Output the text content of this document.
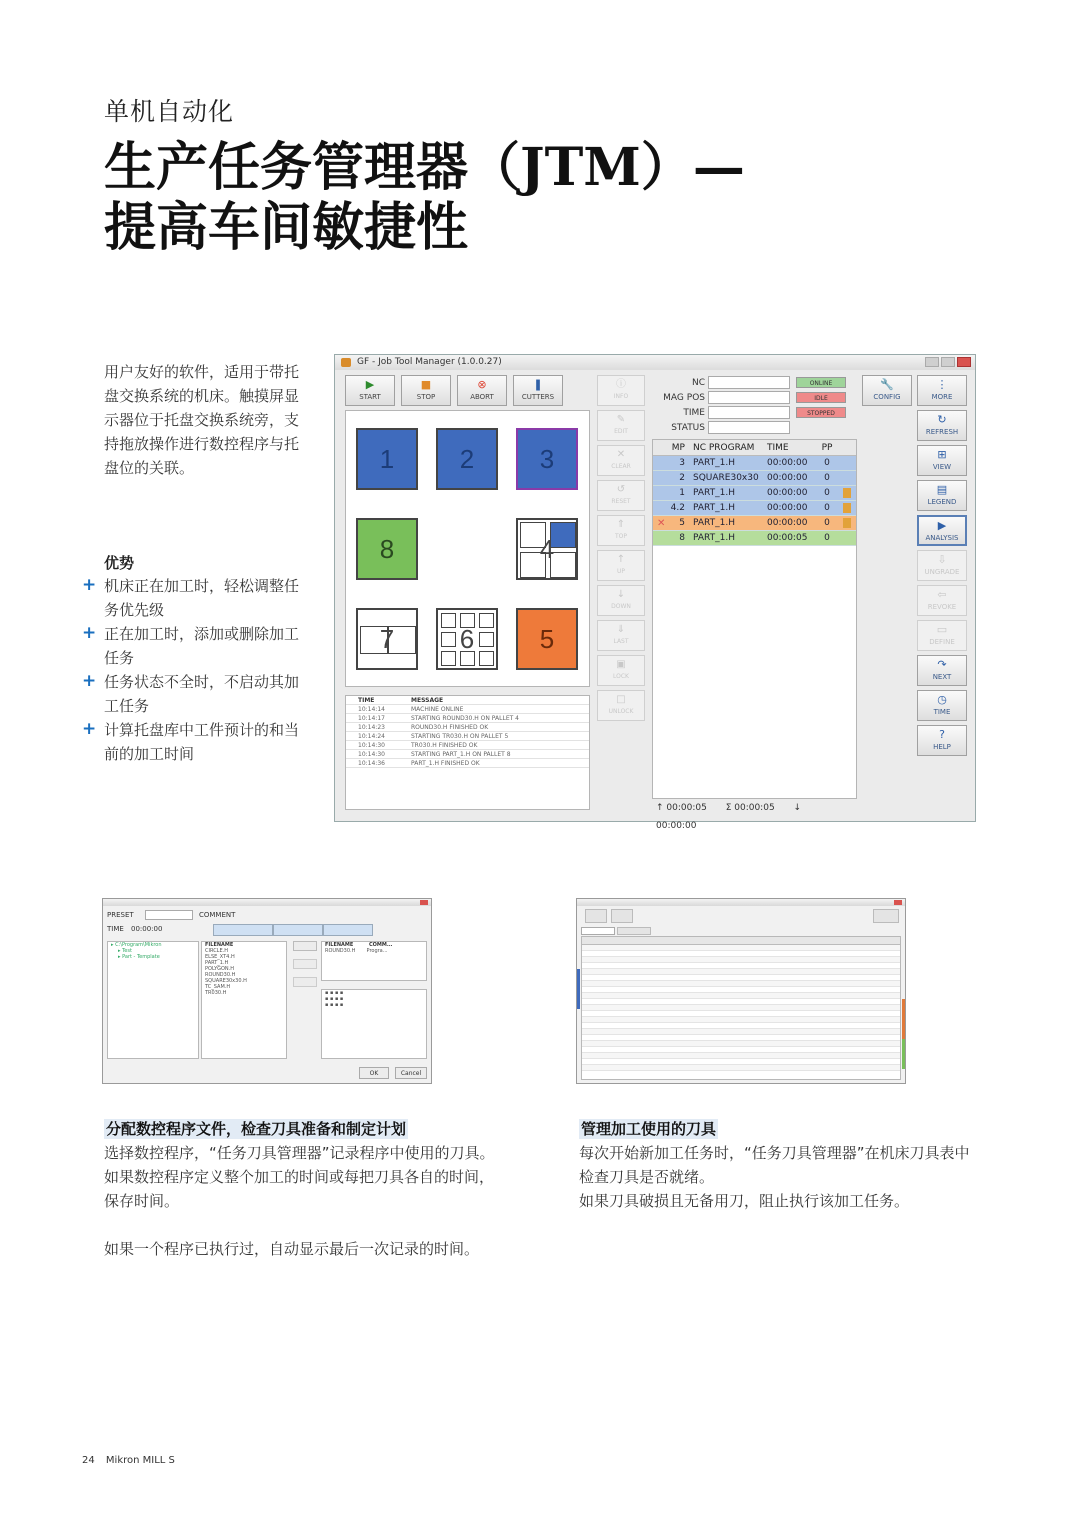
单机自动化
生产任务管理器（JTM）—
提高车间敏捷性
用户友好的软件，适用于带托盘交换系统的机床。触摸屏显示器位于托盘交换系统旁，支持拖放操作进行数控程序与托盘位的关联。
优势
+ 机床正在加工时，轻松调整任务优先级
+ 正在加工时，添加或删除加工任务
+ 任务状态不全时，不启动其加工任务
+ 计算托盘库中工件预计的和当前的加工时间
GF - Job Tool Manager (1.0.0.27)
▶
START
■
STOP
⊗
ABORT
❚
CUTTERS
1	2	3
8	4
7	6	5
TIME	MESSAGE
10:14:14	MACHINE ONLINE
10:14:17	STARTING ROUND30.H ON PALLET 4
10:14:23	ROUND30.H FINISHED OK
10:14:24	STARTING TR030.H ON PALLET 5
10:14:30	TR030.H FINISHED OK
10:14:30	STARTING PART_1.H ON PALLET 8
10:14:36	PART_1.H FINISHED OK
ⓘ
INFO
✎
EDIT
✕
CLEAR
↺
RESET
⇑
TOP
↑
UP
↓
DOWN
⇓
LAST
▣
LOCK
□
UNLOCK
NC	ONLINE
MAG POS	IDLE
TIME	STOPPED
STATUS
MP NC PROGRAM	TIME	PP
3 PART_1.H	00:00:00	0
2 SQUARE30x30 00:00:00	0
1 PART_1.H	00:00:00	0
4.2 PART_1.H	00:00:00	0
✕	5 PART_1.H	00:00:00	0
8 PART_1.H	00:00:05	0
↑ 00:00:05 Σ 00:00:05 ↓ 00:00:00
🔧
CONFIG
⋮
MORE
↻
REFRESH
⊞
VIEW
▤
LEGEND
▶
ANALYSIS
⇩
UNGRADE
⇦
REVOKE
▭
DEFINE
↷
NEXT
◷
TIME
?
HELP
PRESET	COMMENT
TIME 00:00:00
▸ C:\Program\Mikron
▸ Test
▸ Part - Template
FILENAME
CIRCLE.H
ELSE_XT4.H
PART_1.H
POLYGON.H
ROUND30.H
SQUARE30x30.H
TC_SAM.H
TR030.H
FILENAME	COMM...
ROUND30.H Progra...
▪ ▪ ▪ ▪
▪ ▪ ▪ ▪
▪ ▪ ▪ ▪
OK	Cancel
分配数控程序文件，检查刀具准备和制定计划
选择数控程序，“任务刀具管理器”记录程序中使用的刀具。
如果数控程序定义整个加工的时间或每把刀具各自的时间，保存时间。
如果一个程序已执行过，自动显示最后一次记录的时间。
管理加工使用的刀具
每次开始新加工任务时，“任务刀具管理器”在机床刀具表中检查刀具是否就绪。
如果刀具破损且无备用刀，阻止执行该加工任务。
24 Mikron MILL S
